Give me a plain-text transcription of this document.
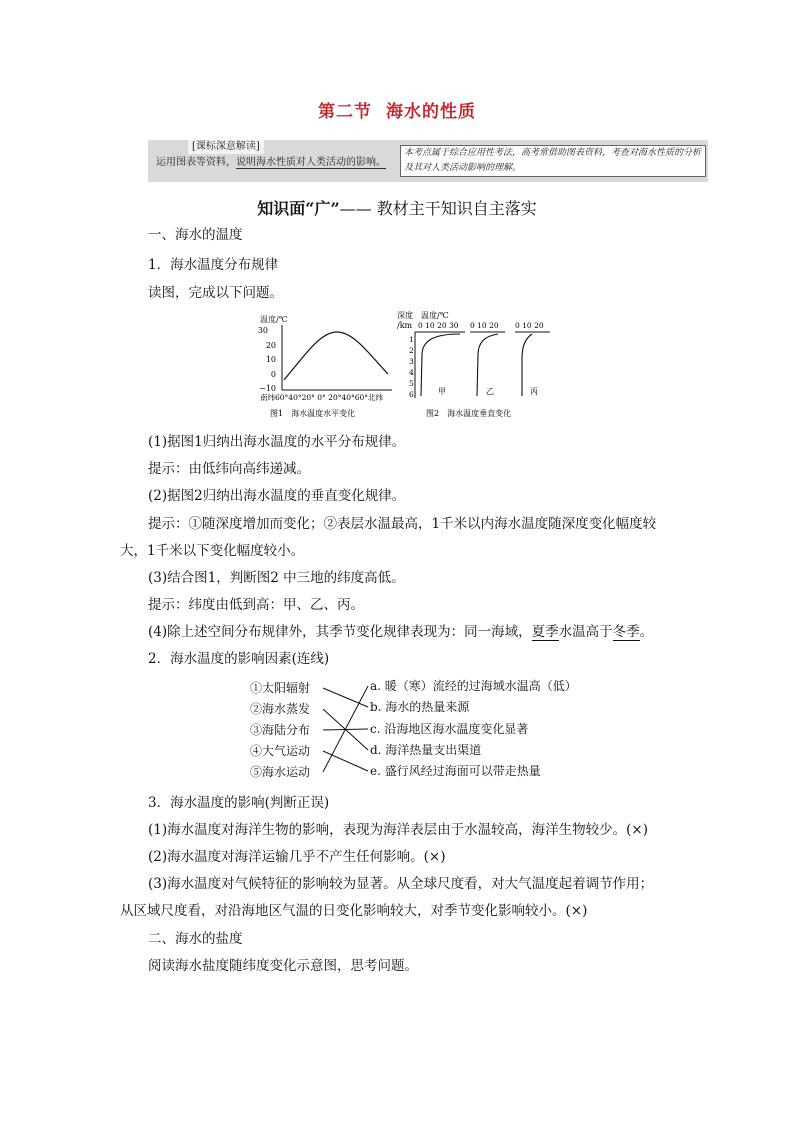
第二节 海水的性质
[课标深意解读]
运用图表等资料，说明海水性质对人类活动的影响。
本考点属于综合应用性考法，高考常借助图表资料，考查对海水性质的分析及其对人类活动影响的理解。
知识面“广”—— 教材主干知识自主落实
一、海水的温度
1．海水温度分布规律
读图，完成以下问题。
温度/℃
30
20
10
0
−10
南纬60°40°20° 0° 20°40°60°北纬
图1　海水温度水平变化
深度 温度/℃
/km 0 10 20 30 0 10 20 0 10 20
1
2
3
4
5
6	甲	乙	丙
图2　海水温度垂直变化
(1)据图1归纳出海水温度的水平分布规律。
提示：由低纬向高纬递减。
(2)据图2归纳出海水温度的垂直变化规律。
提示：①随深度增加而变化；②表层水温最高，1千米以内海水温度随深度变化幅度较
大，1千米以下变化幅度较小。
(3)结合图1，判断图2 中三地的纬度高低。
提示：纬度由低到高：甲、乙、丙。
(4)除上述空间分布规律外，其季节变化规律表现为：同一海域，夏季水温高于冬季。
2．海水温度的影响因素(连线)
①太阳辐射
②海水蒸发
③海陆分布
④大气运动
⑤海水运动
a. 暖（寒）流经的过海域水温高（低）
b. 海水的热量来源
c. 沿海地区海水温度变化显著
d. 海洋热量支出渠道
e. 盛行风经过海面可以带走热量
3．海水温度的影响(判断正误)
(1)海水温度对海洋生物的影响，表现为海洋表层由于水温较高，海洋生物较少。(×)
(2)海水温度对海洋运输几乎不产生任何影响。(×)
(3)海水温度对气候特征的影响较为显著。从全球尺度看，对大气温度起着调节作用；
从区域尺度看，对沿海地区气温的日变化影响较大，对季节变化影响较小。(×)
二、海水的盐度
阅读海水盐度随纬度变化示意图，思考问题。
